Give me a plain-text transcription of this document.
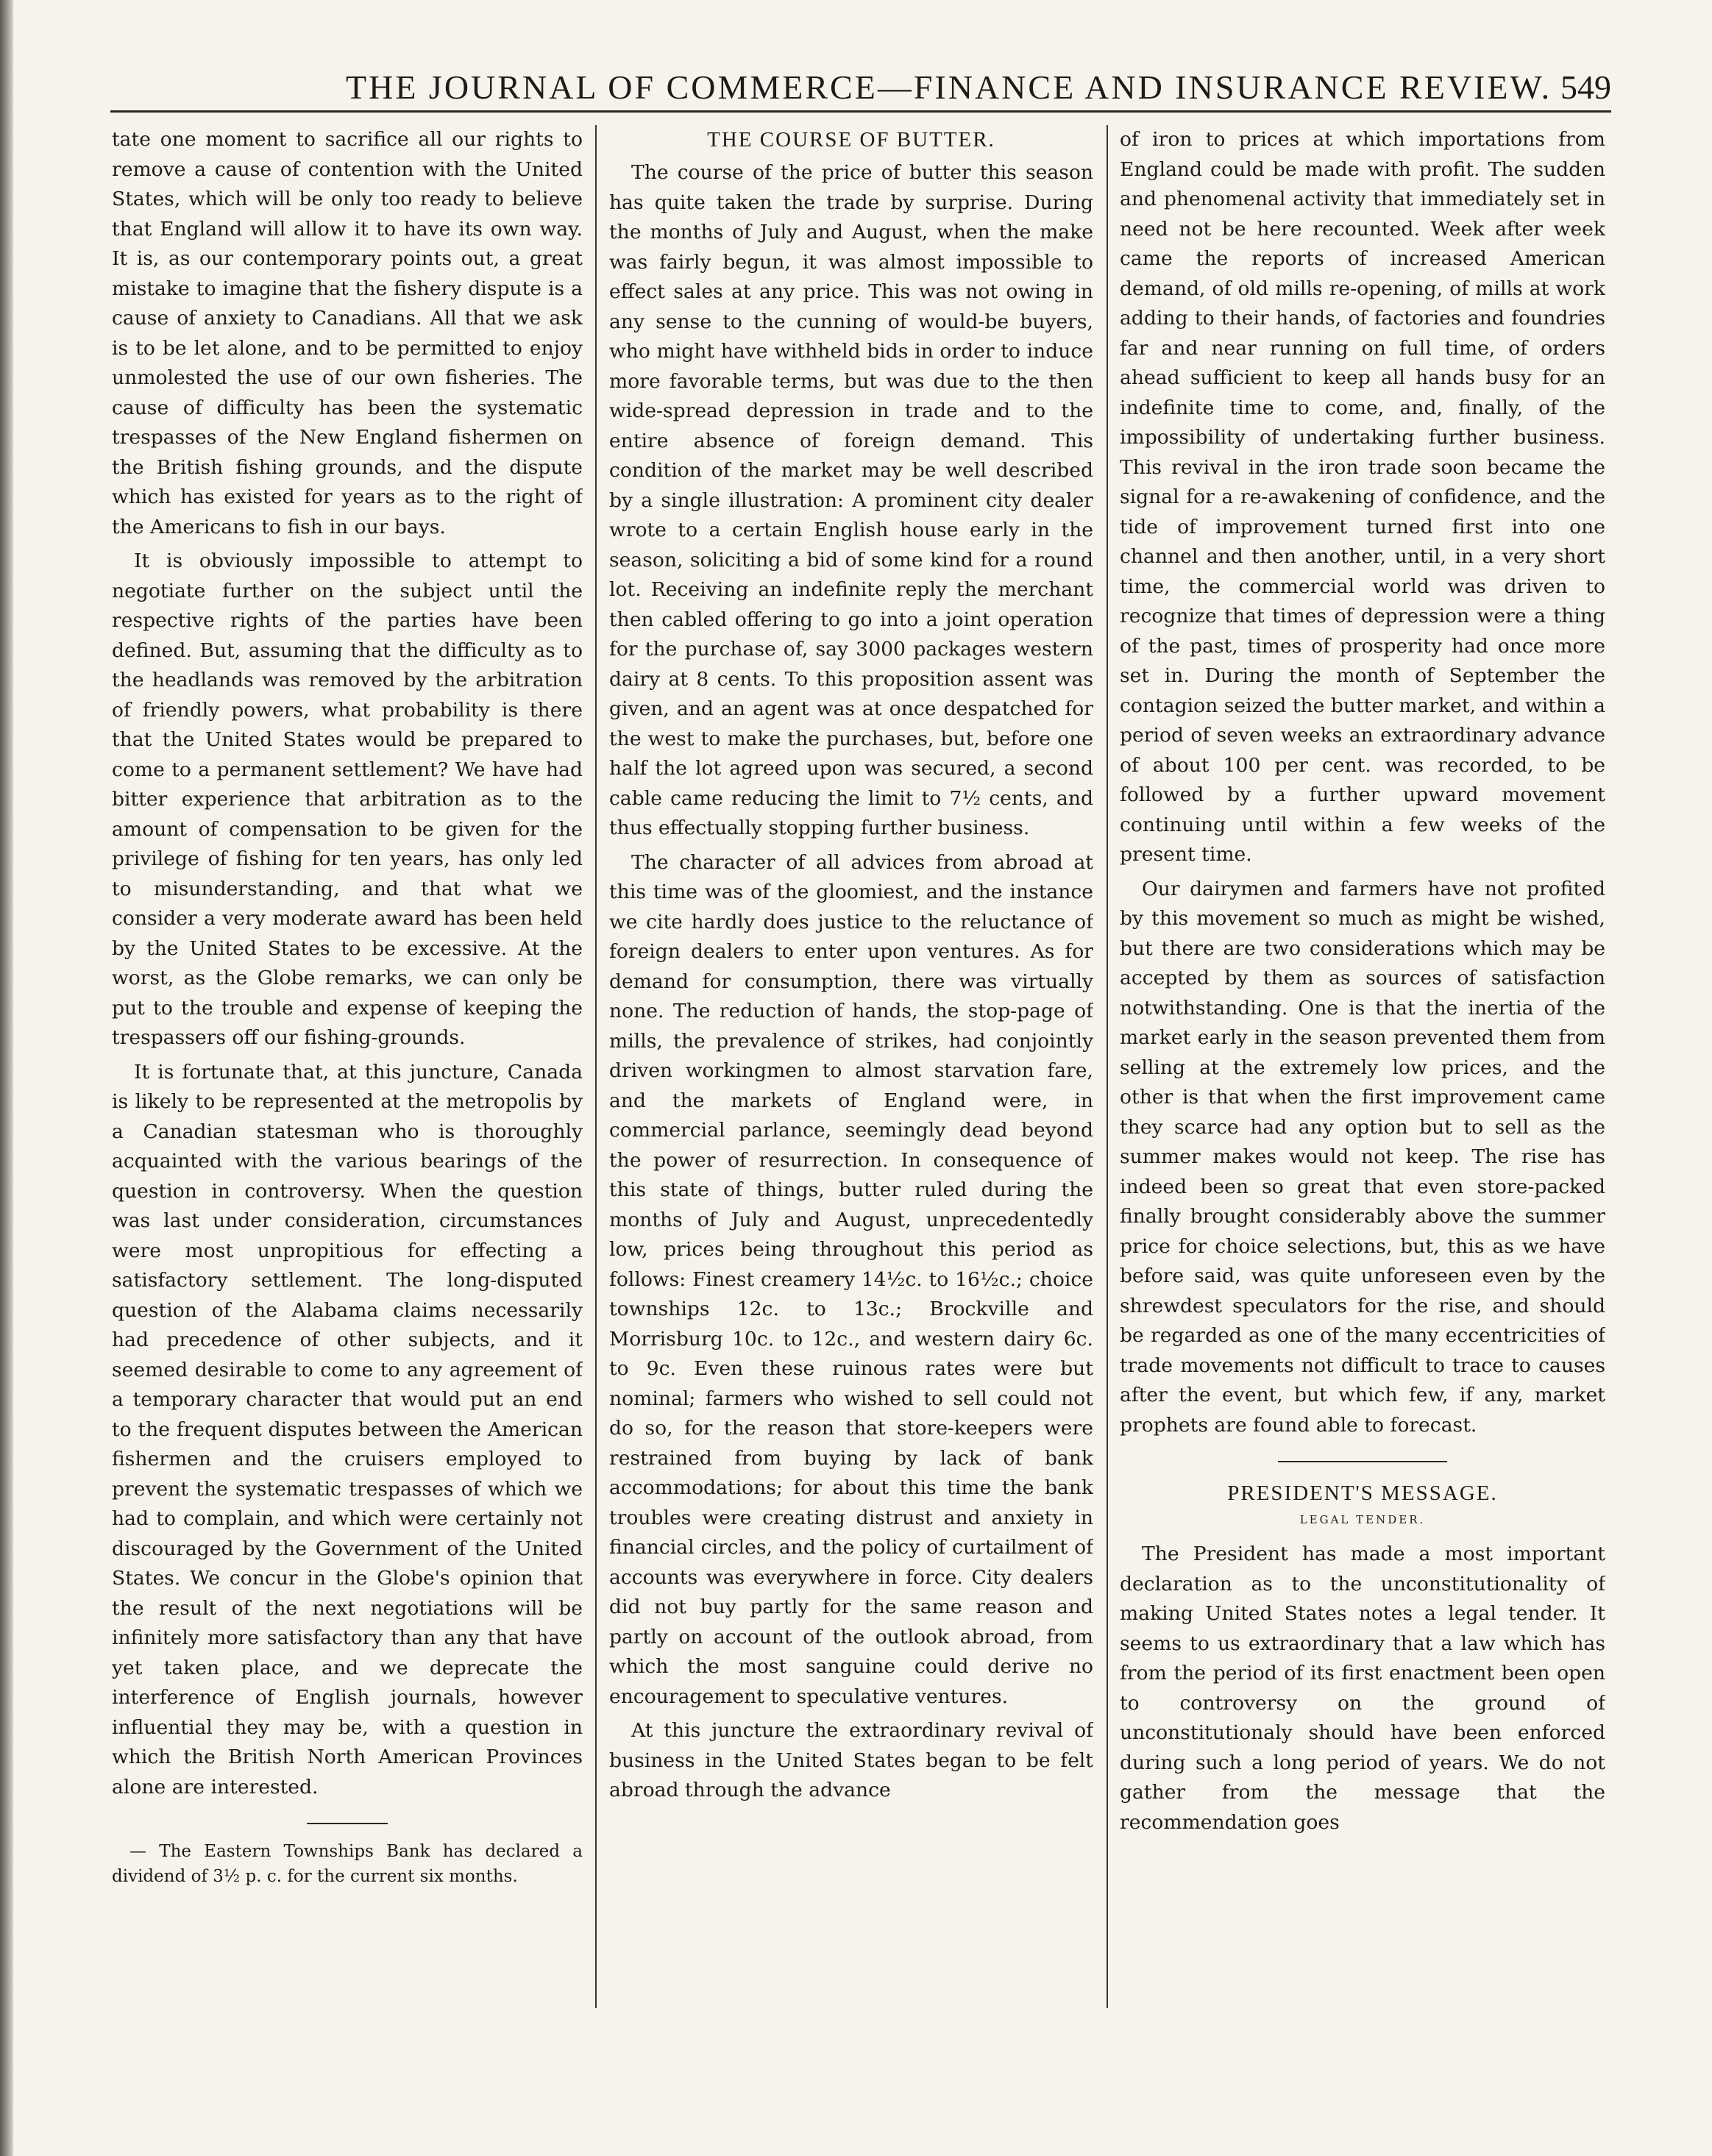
THE JOURNAL OF COMMERCE—FINANCE AND INSURANCE REVIEW. 549

tate one moment to sacrifice all our rights to remove a cause of contention with the United States, which will be only too ready to believe that England will allow it to have its own way. It is, as our contemporary points out, a great mistake to imagine that the fishery dispute is a cause of anxiety to Canadians. All that we ask is to be let alone, and to be permitted to enjoy unmolested the use of our own fisheries. The cause of difficulty has been the systematic trespasses of the New England fishermen on the British fishing grounds, and the dispute which has existed for years as to the right of the Americans to fish in our bays.

It is obviously impossible to attempt to negotiate further on the subject until the respective rights of the parties have been defined. But, assuming that the difficulty as to the headlands was removed by the arbitration of friendly powers, what probability is there that the United States would be prepared to come to a permanent settlement? We have had bitter experience that arbitration as to the amount of compensation to be given for the privilege of fishing for ten years, has only led to misunderstanding, and that what we consider a very moderate award has been held by the United States to be excessive. At the worst, as the Globe remarks, we can only be put to the trouble and expense of keeping the trespassers off our fishing-grounds.

It is fortunate that, at this juncture, Canada is likely to be represented at the metropolis by a Canadian statesman who is thoroughly acquainted with the various bearings of the question in controversy. When the question was last under consideration, circumstances were most unpropitious for effecting a satisfactory settlement. The long-disputed question of the Alabama claims necessarily had precedence of other subjects, and it seemed desirable to come to any agreement of a temporary character that would put an end to the frequent disputes between the American fishermen and the cruisers employed to prevent the systematic trespasses of which we had to complain, and which were certainly not discouraged by the Government of the United States. We concur in the Globe's opinion that the result of the next negotiations will be infinitely more satisfactory than any that have yet taken place, and we deprecate the interference of English journals, however influential they may be, with a question in which the British North American Provinces alone are interested.

— The Eastern Townships Bank has declared a dividend of 3½ p. c. for the current six months.

THE COURSE OF BUTTER.

The course of the price of butter this season has quite taken the trade by surprise. During the months of July and August, when the make was fairly begun, it was almost impossible to effect sales at any price. This was not owing in any sense to the cunning of would-be buyers, who might have withheld bids in order to induce more favorable terms, but was due to the then wide-spread depression in trade and to the entire absence of foreign demand. This condition of the market may be well described by a single illustration: A prominent city dealer wrote to a certain English house early in the season, soliciting a bid of some kind for a round lot. Receiving an indefinite reply the merchant then cabled offering to go into a joint operation for the purchase of, say 3000 packages western dairy at 8 cents. To this proposition assent was given, and an agent was at once despatched for the west to make the purchases, but, before one half the lot agreed upon was secured, a second cable came reducing the limit to 7½ cents, and thus effectually stopping further business.

The character of all advices from abroad at this time was of the gloomiest, and the instance we cite hardly does justice to the reluctance of foreign dealers to enter upon ventures. As for demand for consumption, there was virtually none. The reduction of hands, the stop-page of mills, the prevalence of strikes, had conjointly driven workingmen to almost starvation fare, and the markets of England were, in commercial parlance, seemingly dead beyond the power of resurrection. In consequence of this state of things, butter ruled during the months of July and August, unprecedentedly low, prices being throughout this period as follows: Finest creamery 14½c. to 16½c.; choice townships 12c. to 13c.; Brockville and Morrisburg 10c. to 12c., and western dairy 6c. to 9c. Even these ruinous rates were but nominal; farmers who wished to sell could not do so, for the reason that store-keepers were restrained from buying by lack of bank accommodations; for about this time the bank troubles were creating distrust and anxiety in financial circles, and the policy of curtailment of accounts was everywhere in force. City dealers did not buy partly for the same reason and partly on account of the outlook abroad, from which the most sanguine could derive no encouragement to speculative ventures.

At this juncture the extraordinary revival of business in the United States began to be felt abroad through the advance

of iron to prices at which importations from England could be made with profit. The sudden and phenomenal activity that immediately set in need not be here recounted. Week after week came the reports of increased American demand, of old mills re-opening, of mills at work adding to their hands, of factories and foundries far and near running on full time, of orders ahead sufficient to keep all hands busy for an indefinite time to come, and, finally, of the impossibility of undertaking further business. This revival in the iron trade soon became the signal for a re-awakening of confidence, and the tide of improvement turned first into one channel and then another, until, in a very short time, the commercial world was driven to recognize that times of depression were a thing of the past, times of prosperity had once more set in. During the month of September the contagion seized the butter market, and within a period of seven weeks an extraordinary advance of about 100 per cent. was recorded, to be followed by a further upward movement continuing until within a few weeks of the present time.

Our dairymen and farmers have not profited by this movement so much as might be wished, but there are two considerations which may be accepted by them as sources of satisfaction notwithstanding. One is that the inertia of the market early in the season prevented them from selling at the extremely low prices, and the other is that when the first improvement came they scarce had any option but to sell as the summer makes would not keep. The rise has indeed been so great that even store-packed finally brought considerably above the summer price for choice selections, but, this as we have before said, was quite unforeseen even by the shrewdest speculators for the rise, and should be regarded as one of the many eccentricities of trade movements not difficult to trace to causes after the event, but which few, if any, market prophets are found able to forecast.

PRESIDENT'S MESSAGE.
LEGAL TENDER.

The President has made a most important declaration as to the unconstitutionality of making United States notes a legal tender. It seems to us extraordinary that a law which has from the period of its first enactment been open to controversy on the ground of unconstitutionaly should have been enforced during such a long period of years. We do not gather from the message that the recommendation goes
